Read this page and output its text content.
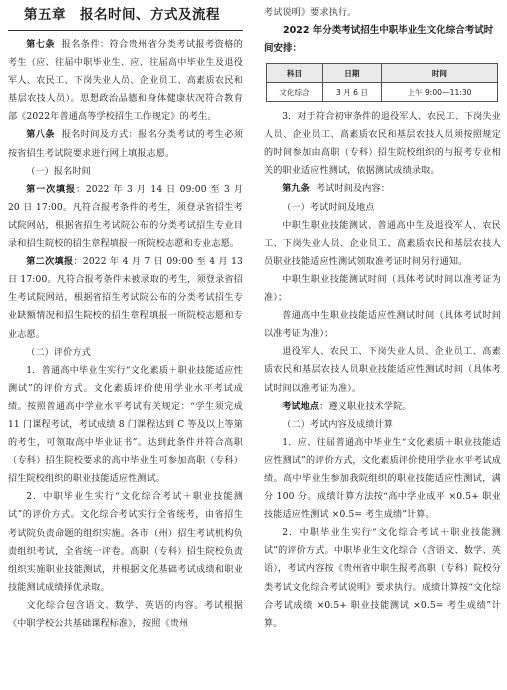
第五章　报名时间、方式及流程

第七条 报名条件：符合贵州省分类考试报考资格的考生（应、往届中职毕业生、应、往届高中毕业生及退役军人、农民工、下岗失业人员、企业员工、高素质农民和基层农技人员）。思想政治品德和身体健康状况符合教育部《2022年普通高等学校招生工作规定》的考生。

第八条 报名时间及方式：报名分类考试的考生必须按省招生考试院要求进行网上填报志愿。

（一）报名时间

第一次填报：2022 年 3 月 14 日 09:00 至 3 月 20 日 17:00。凡符合报考条件的考生，须登录省招生考试院网站，根据省招生考试院公布的分类考试招生专业目录和招生院校的招生章程填报一所院校志愿和专业志愿。

第二次填报：2022 年 4 月 7 日 09:00 至 4 月 13 日 17:00。凡符合报考条件未被录取的考生，须登录省招生考试院网站，根据省招生考试院公布的分类考试招生专业缺额情况和招生院校的招生章程填报一所院校志愿和专业志愿。

（二）评价方式

1．普通高中毕业生实行“文化素质＋职业技能适应性测试”的评价方式。文化素质评价使用学业水平考试成绩。按照普通高中学业水平考试有关规定：“学生须完成 11 门课程考试，考试成绩 8 门课程达到 C 等及以上等第的考生，可领取高中毕业证书”。达到此条件并符合高职（专科）招生院校要求的高中毕业生可参加高职（专科）招生院校组织的职业技能适应性测试。

2．中职毕业生实行“文化综合考试＋职业技能测试”的评价方式。文化综合考试实行全省统考，由省招生考试院负责命题的组织实施。各市（州）招生考试机构负责组织考试，全省统一评卷。高职（专科）招生院校负责组织实施职业技能测试，并根据文化基础考试成绩和职业技能测试成绩择优录取。

文化综合包含语文、数学、英语的内容。考试根据《中职学校公共基础课程标准》，按照《贵州

考试说明》要求执行。

2022 年分类考试招生中职毕业生文化综合考试时间安排：

科目	日期	时间
文化综合	3 月 6 日	上午 9:00—11:30

3．对于符合初审条件的退役军人、农民工、下岗失业人员、企业员工、高素质农民和基层农技人员须按照规定的时间参加由高职（专科）招生院校组织的与报考专业相关的职业适应性测试，依据测试成绩录取。

第九条 考试时间及内容：

（一）考试时间及地点

中职生职业技能测试、普通高中生及退役军人、农民工、下岗失业人员、企业员工、高素质农民和基层农技人员职业技能适应性测试领取准考证时间另行通知。

中职生职业技能测试时间（具体考试时间以准考证为准）；

普通高中生职业技能适应性测试时间（具体考试时间以准考证为准）；

退役军人、农民工、下岗失业人员、企业员工、高素质农民和基层农技人员职业技能适应性测试时间（具体考试时间以准考证为准）。

考试地点：遵义职业技术学院。

（二）考试内容及成绩计算

1．应、往届普通高中毕业生“文化素质＋职业技能适应性测试”的评价方式，文化素质评价使用学业水平考试成绩。高中毕业生参加我院组织的职业技能适应性测试，满分 100 分。成绩计算方法按“高中学业成平 ×0.5+ 职业技能适应性测试 ×0.5= 考生成绩”计算。

2．中职毕业生实行“文化综合考试＋职业技能测试”的评价方式。中职毕业生文化综合（含语文、数学、英语），考试内容按《贵州省中职生报考高职（专科）院校分类考试文化综合考试说明》要求执行。成绩计算按“文化综合考试成绩 ×0.5+ 职业技能测试 ×0.5= 考生成绩”计算。
